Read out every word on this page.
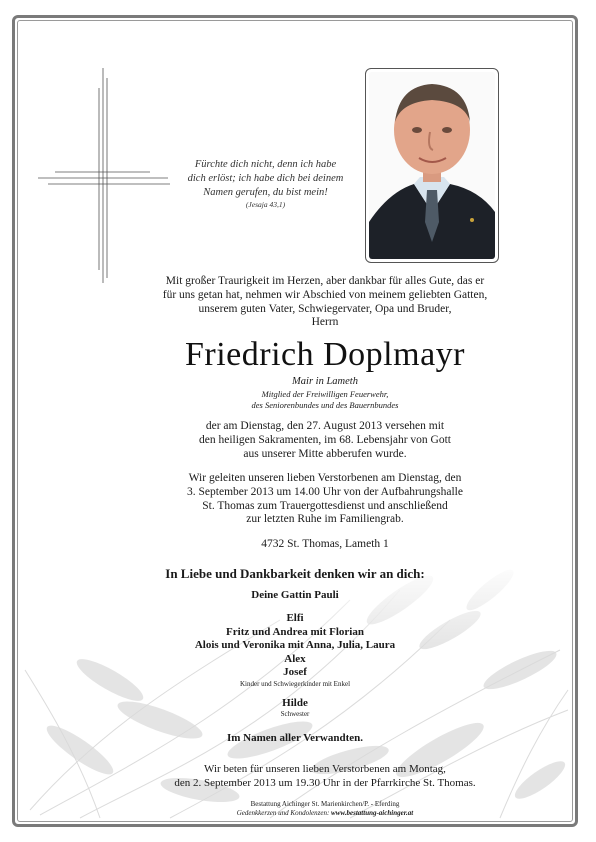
Fürchte dich nicht, denn ich habe
dich erlöst; ich habe dich bei deinem
Namen gerufen, du bist mein!
(Jesaja 43,1)
Mit großer Traurigkeit im Herzen, aber dankbar für alles Gute, das er
für uns getan hat, nehmen wir Abschied von meinem geliebten Gatten,
unserem guten Vater, Schwiegervater, Opa und Bruder,
Herrn
Friedrich Doplmayr
Mair in Lameth
Mitglied der Freiwilligen Feuerwehr,
des Seniorenbundes und des Bauernbundes
der am Dienstag, den 27. August 2013 versehen mit
den heiligen Sakramenten, im 68. Lebensjahr von Gott
aus unserer Mitte abberufen wurde.
Wir geleiten unseren lieben Verstorbenen am Dienstag, den
3. September 2013 um 14.00 Uhr von der Aufbahrungshalle
St. Thomas zum Trauergottesdienst und anschließend
zur letzten Ruhe im Familiengrab.
4732 St. Thomas, Lameth 1
In Liebe und Dankbarkeit denken wir an dich:
Deine Gattin Pauli
Elfi
Fritz und Andrea mit Florian
Alois und Veronika mit Anna, Julia, Laura
Alex
Josef
Kinder und Schwiegerkinder mit Enkel
Hilde
Schwester
Im Namen aller Verwandten.
Wir beten für unseren lieben Verstorbenen am Montag,
den 2. September 2013 um 19.30 Uhr in der Pfarrkirche St. Thomas.
Bestattung Aichinger St. Marienkirchen/P. - Eferding
Gedenkkerzen und Kondolenzen: www.bestattung-aichinger.at
